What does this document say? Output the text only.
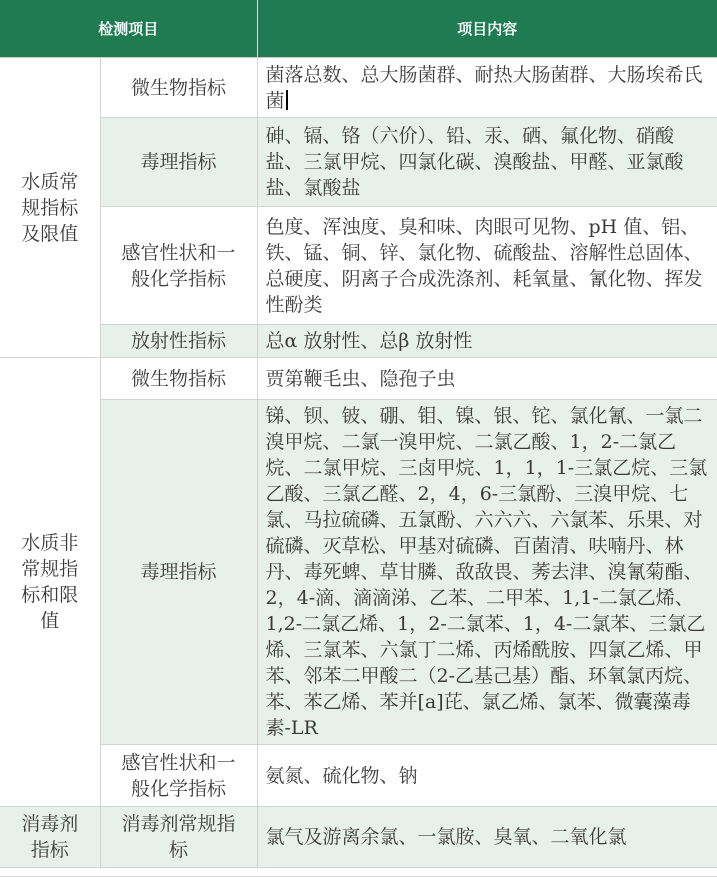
检测项目		项目内容
水质常规指标及限值	微生物指标	菌落总数、总大肠菌群、耐热大肠菌群、大肠埃希氏菌
	毒理指标	砷、镉、铬（六价）、铅、汞、硒、氟化物、硝酸盐、三氯甲烷、四氯化碳、溴酸盐、甲醛、亚氯酸盐、氯酸盐
	感官性状和一般化学指标	色度、浑浊度、臭和味、肉眼可见物、pH 值、铝、铁、锰、铜、锌、氯化物、硫酸盐、溶解性总固体、总硬度、阴离子合成洗涤剂、耗氧量、氰化物、挥发性酚类
	放射性指标	总α 放射性、总β 放射性
水质非常规指标和限值	微生物指标	贾第鞭毛虫、隐孢子虫
	毒理指标	锑、钡、铍、硼、钼、镍、银、铊、氯化氰、一氯二溴甲烷、二氯一溴甲烷、二氯乙酸、1，2-二氯乙烷、二氯甲烷、三卤甲烷、1，1，1-三氯乙烷、三氯乙酸、三氯乙醛、2，4，6-三氯酚、三溴甲烷、七氯、马拉硫磷、五氯酚、六六六、六氯苯、乐果、对硫磷、灭草松、甲基对硫磷、百菌清、呋喃丹、林丹、毒死蜱、草甘膦、敌敌畏、莠去津、溴氰菊酯、2，4-滴、滴滴涕、乙苯、二甲苯、1,1-二氯乙烯、1,2-二氯乙烯、1，2-二氯苯、1，4-二氯苯、三氯乙烯、三氯苯、六氯丁二烯、丙烯酰胺、四氯乙烯、甲苯、邻苯二甲酸二（2-乙基己基）酯、环氧氯丙烷、苯、苯乙烯、苯并[a]芘、氯乙烯、氯苯、微囊藻毒素-LR
	感官性状和一般化学指标	氨氮、硫化物、钠
消毒剂指标	消毒剂常规指标	氯气及游离余氯、一氯胺、臭氧、二氧化氯
